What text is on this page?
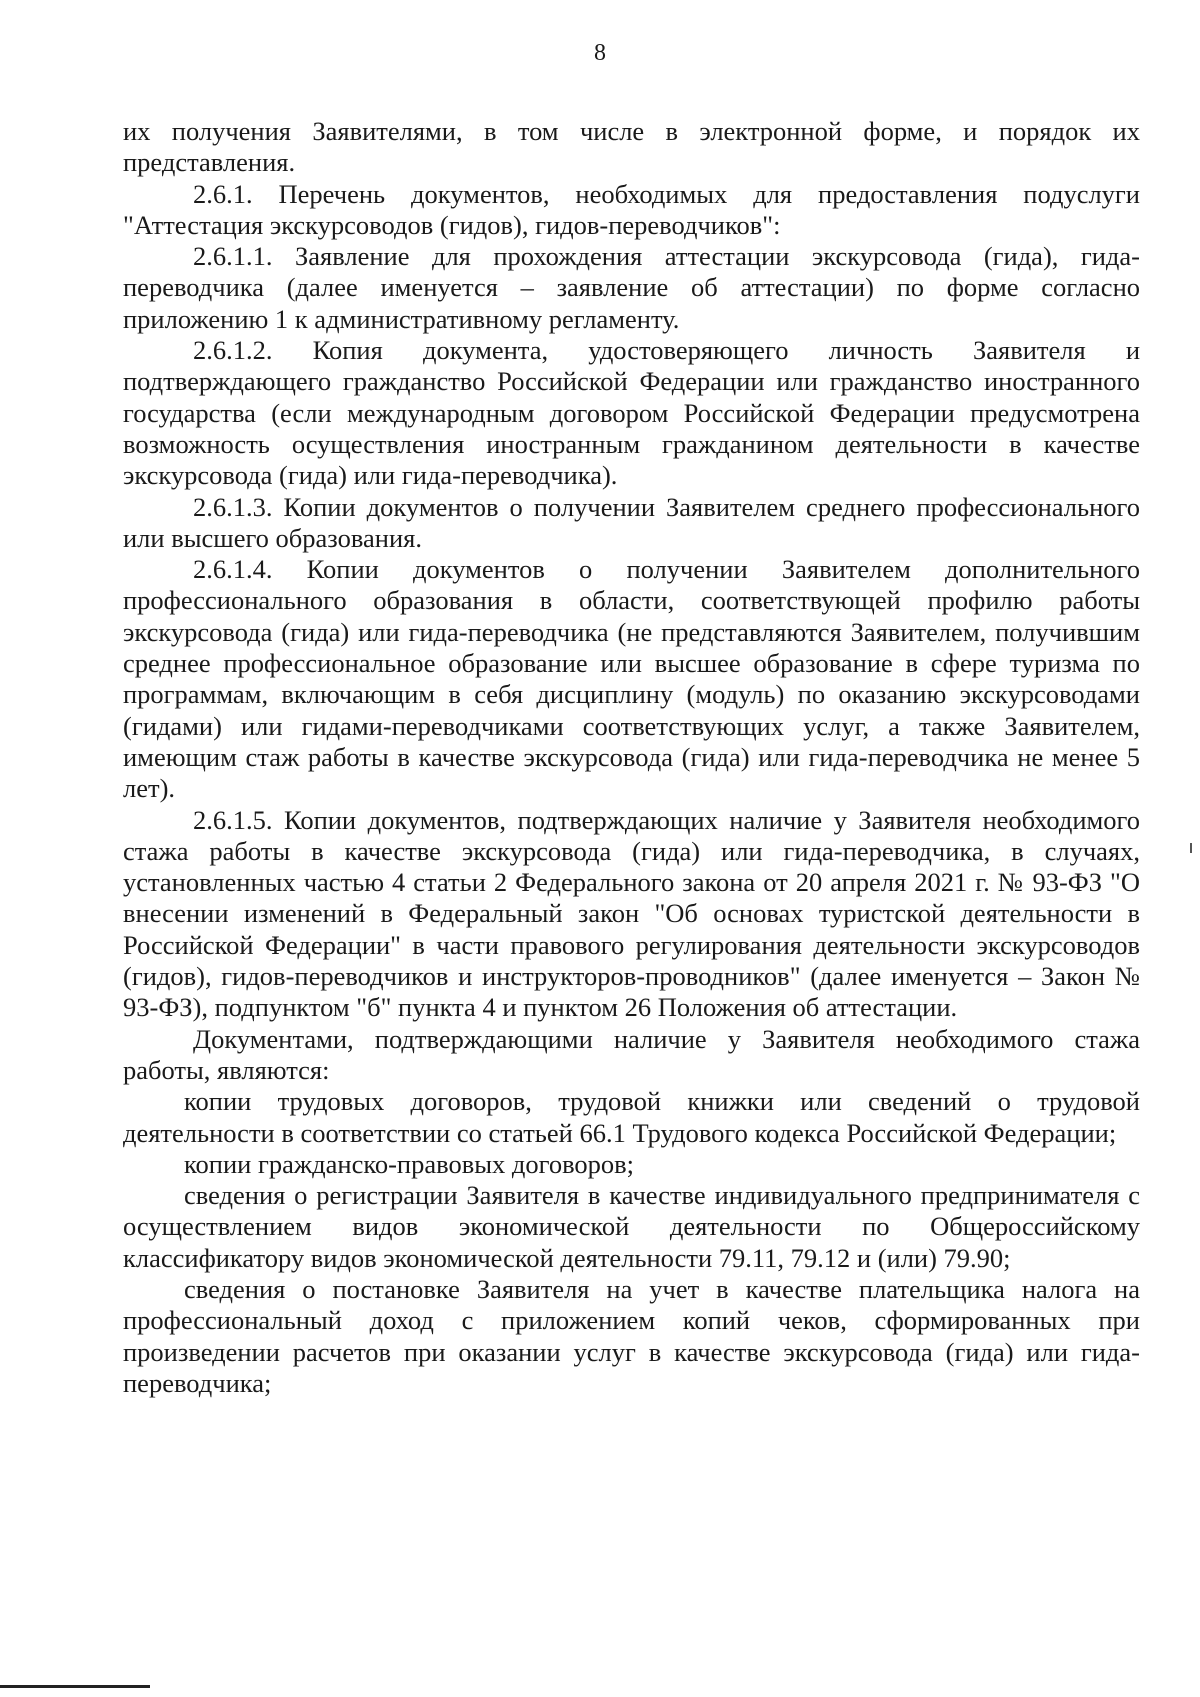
8

их получения Заявителями, в том числе в электронной форме, и порядок их представления.

2.6.1. Перечень документов, необходимых для предоставления подуслуги "Аттестация экскурсоводов (гидов), гидов-переводчиков":

2.6.1.1. Заявление для прохождения аттестации экскурсовода (гида), гида-переводчика (далее именуется – заявление об аттестации) по форме согласно приложению 1 к административному регламенту.

2.6.1.2. Копия документа, удостоверяющего личность Заявителя и подтверждающего гражданство Российской Федерации или гражданство иностранного государства (если международным договором Российской Федерации предусмотрена возможность осуществления иностранным гражданином деятельности в качестве экскурсовода (гида) или гида-переводчика).

2.6.1.3. Копии документов о получении Заявителем среднего профессионального или высшего образования.

2.6.1.4. Копии документов о получении Заявителем дополнительного профессионального образования в области, соответствующей профилю работы экскурсовода (гида) или гида-переводчика (не представляются Заявителем, получившим среднее профессиональное образование или высшее образование в сфере туризма по программам, включающим в себя дисциплину (модуль) по оказанию экскурсоводами (гидами) или гидами-переводчиками соответствующих услуг, а также Заявителем, имеющим стаж работы в качестве экскурсовода (гида) или гида-переводчика не менее 5 лет).

2.6.1.5. Копии документов, подтверждающих наличие у Заявителя необходимого стажа работы в качестве экскурсовода (гида) или гида-переводчика, в случаях, установленных частью 4 статьи 2 Федерального закона от 20 апреля 2021 г. № 93-ФЗ "О внесении изменений в Федеральный закон "Об основах туристской деятельности в Российской Федерации" в части правового регулирования деятельности экскурсоводов (гидов), гидов-переводчиков и инструкторов-проводников" (далее именуется – Закон № 93-ФЗ), подпунктом "б" пункта 4 и пунктом 26 Положения об аттестации.

Документами, подтверждающими наличие у Заявителя необходимого стажа работы, являются:

копии трудовых договоров, трудовой книжки или сведений о трудовой деятельности в соответствии со статьей 66.1 Трудового кодекса Российской Федерации;

копии гражданско-правовых договоров;

сведения о регистрации Заявителя в качестве индивидуального предпринимателя с осуществлением видов экономической деятельности по Общероссийскому классификатору видов экономической деятельности 79.11, 79.12 и (или) 79.90;

сведения о постановке Заявителя на учет в качестве плательщика налога на профессиональный доход с приложением копий чеков, сформированных при произведении расчетов при оказании услуг в качестве экскурсовода (гида) или гида-переводчика;
